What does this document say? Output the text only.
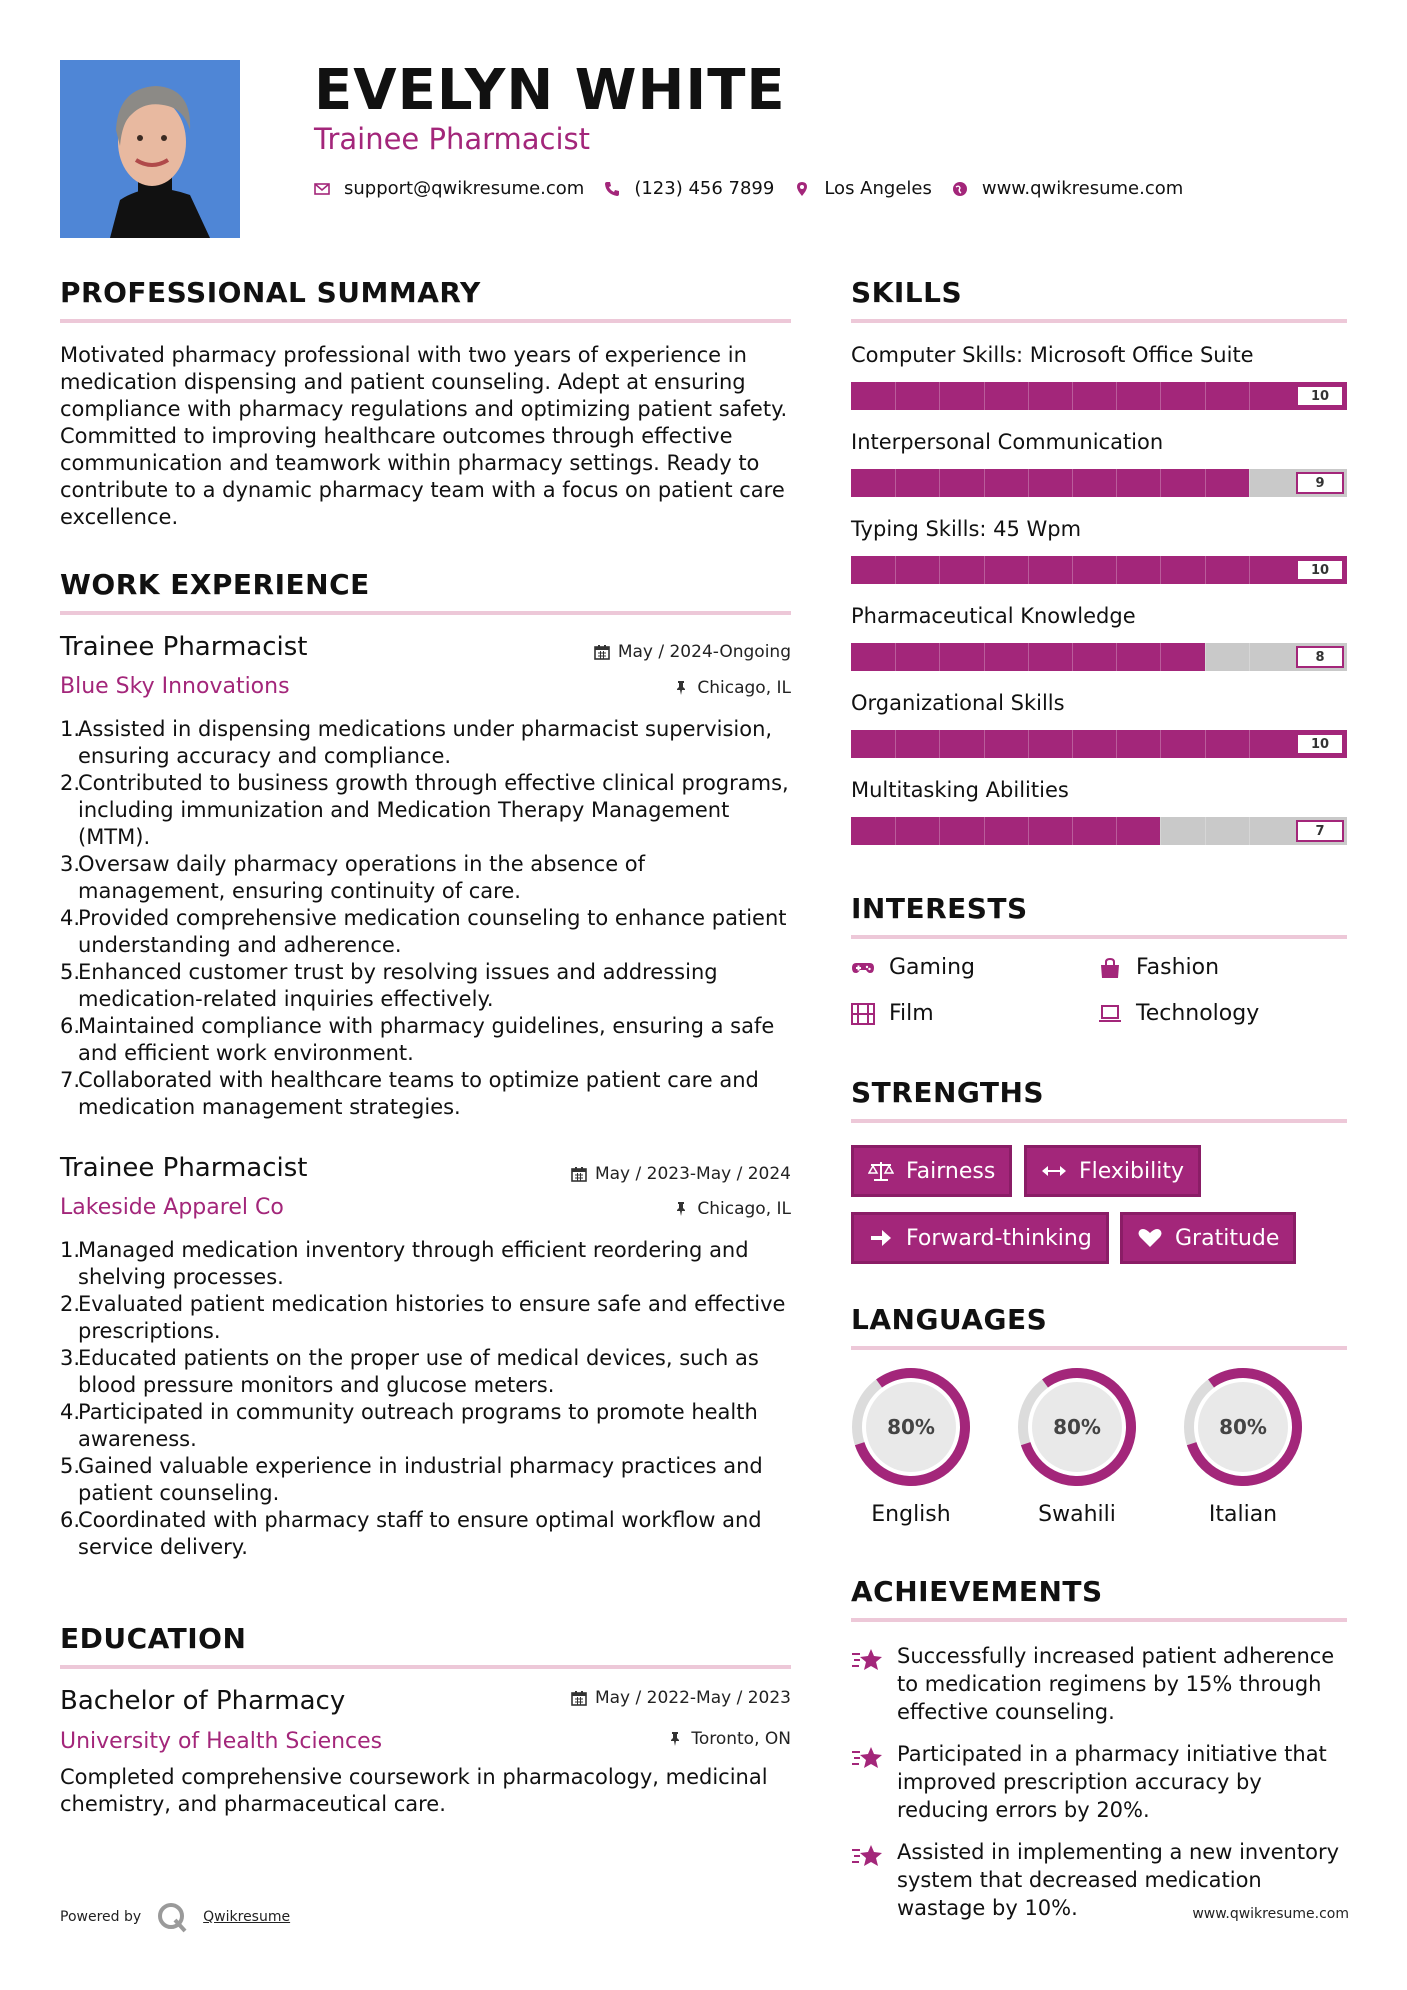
EVELYN WHITE
Trainee Pharmacist
support@qwikresume.com	(123) 456 7899	Los Angeles	www.qwikresume.com
PROFESSIONAL SUMMARY
Motivated pharmacy professional with two years of experience in medication dispensing and patient counseling. Adept at ensuring compliance with pharmacy regulations and optimizing patient safety. Committed to improving healthcare outcomes through effective communication and teamwork within pharmacy settings. Ready to contribute to a dynamic pharmacy team with a focus on patient care excellence.
WORK EXPERIENCE
Trainee Pharmacist	May / 2024-Ongoing
Blue Sky Innovations	Chicago, IL
Assisted in dispensing medications under pharmacist supervision, ensuring accuracy and compliance.
Contributed to business growth through effective clinical programs, including immunization and Medication Therapy Management (MTM).
Oversaw daily pharmacy operations in the absence of management, ensuring continuity of care.
Provided comprehensive medication counseling to enhance patient understanding and adherence.
Enhanced customer trust by resolving issues and addressing medication-related inquiries effectively.
Maintained compliance with pharmacy guidelines, ensuring a safe and efficient work environment.
Collaborated with healthcare teams to optimize patient care and medication management strategies.
Trainee Pharmacist	May / 2023-May / 2024
Lakeside Apparel Co	Chicago, IL
Managed medication inventory through efficient reordering and shelving processes.
Evaluated patient medication histories to ensure safe and effective prescriptions.
Educated patients on the proper use of medical devices, such as blood pressure monitors and glucose meters.
Participated in community outreach programs to promote health awareness.
Gained valuable experience in industrial pharmacy practices and patient counseling.
Coordinated with pharmacy staff to ensure optimal workflow and service delivery.
EDUCATION
Bachelor of Pharmacy	May / 2022-May / 2023
University of Health Sciences	Toronto, ON
Completed comprehensive coursework in pharmacology, medicinal chemistry, and pharmaceutical care.
SKILLS
Computer Skills: Microsoft Office Suite
10
Interpersonal Communication
9
Typing Skills: 45 Wpm
10
Pharmaceutical Knowledge
8
Organizational Skills
10
Multitasking Abilities
7
INTERESTS
Gaming	Fashion
Film	Technology
STRENGTHS
Fairness	Flexibility
Forward-thinking	Gratitude
LANGUAGES
80%
English
80%
Swahili
80%
Italian
ACHIEVEMENTS
Successfully increased patient adherence to medication regimens by 15% through effective counseling.
Participated in a pharmacy initiative that improved prescription accuracy by reducing errors by 20%.
Assisted in implementing a new inventory system that decreased medication wastage by 10%.
Powered by	Qwikresume	www.qwikresume.com
